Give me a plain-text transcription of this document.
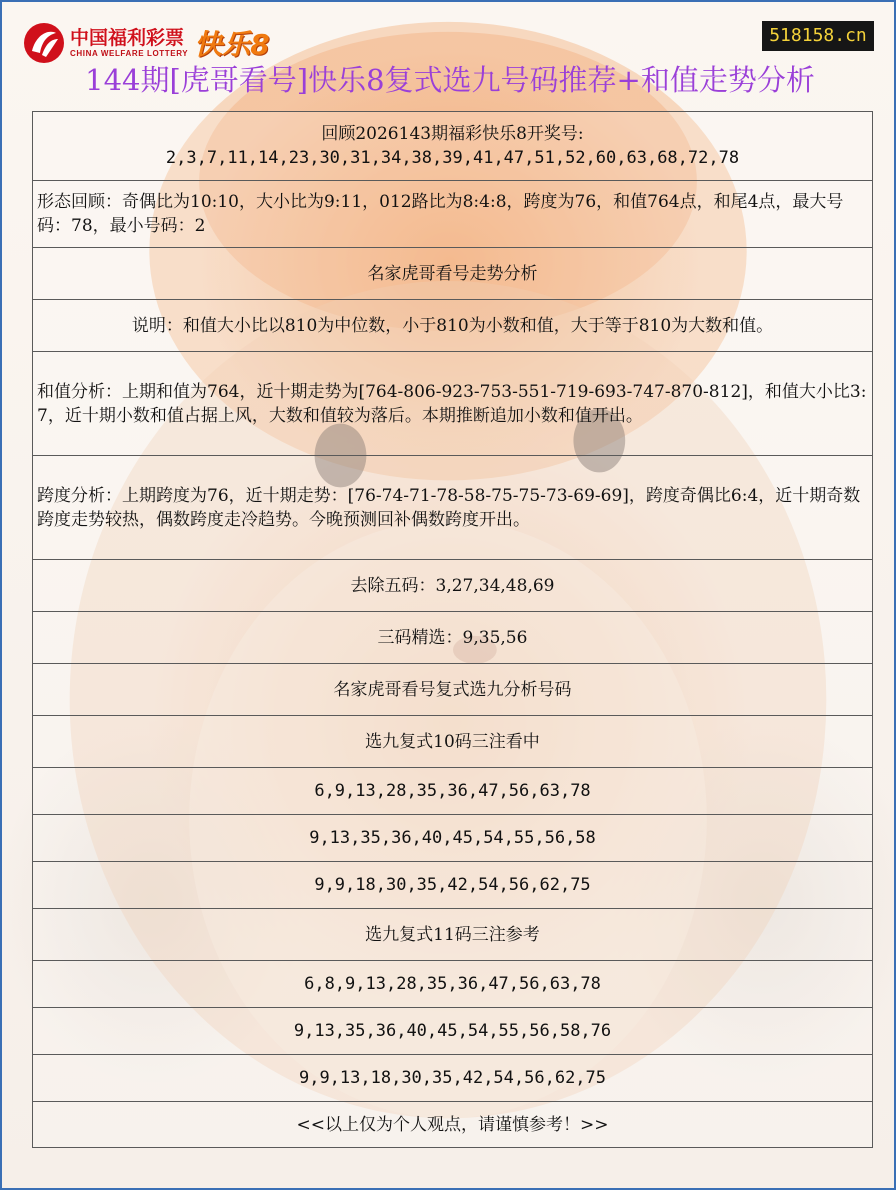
中国福利彩票
CHINA WELFARE LOTTERY 快乐8	518158.cn
144期[虎哥看号]快乐8复式选九号码推荐+和值走势分析
回顾2026143期福彩快乐8开奖号:
2,3,7,11,14,23,30,31,34,38,39,41,47,51,52,60,63,68,72,78

形态回顾：奇偶比为10:10，大小比为9:11，012路比为8:4:8，跨度为76，和值764点，和尾4点，最大号码：78，最小号码：2
名家虎哥看号走势分析
说明：和值大小比以810为中位数，小于810为小数和值，大于等于810为大数和值。
和值分析：上期和值为764，近十期走势为[764-806-923-753-551-719-693-747-870-812]，和值大小比3:7，近十期小数和值占据上风，大数和值较为落后。本期推断追加小数和值开出。
跨度分析：上期跨度为76，近十期走势：[76-74-71-78-58-75-75-73-69-69]，跨度奇偶比6:4，近十期奇数跨度走势较热，偶数跨度走冷趋势。今晚预测回补偶数跨度开出。
去除五码：3,27,34,48,69
三码精选：9,35,56
名家虎哥看号复式选九分析号码
选九复式10码三注看中
6,9,13,28,35,36,47,56,63,78
9,13,35,36,40,45,54,55,56,58
9,9,18,30,35,42,54,56,62,75
选九复式11码三注参考
6,8,9,13,28,35,36,47,56,63,78
9,13,35,36,40,45,54,55,56,58,76
9,9,13,18,30,35,42,54,56,62,75
<<以上仅为个人观点，请谨慎参考！>>
